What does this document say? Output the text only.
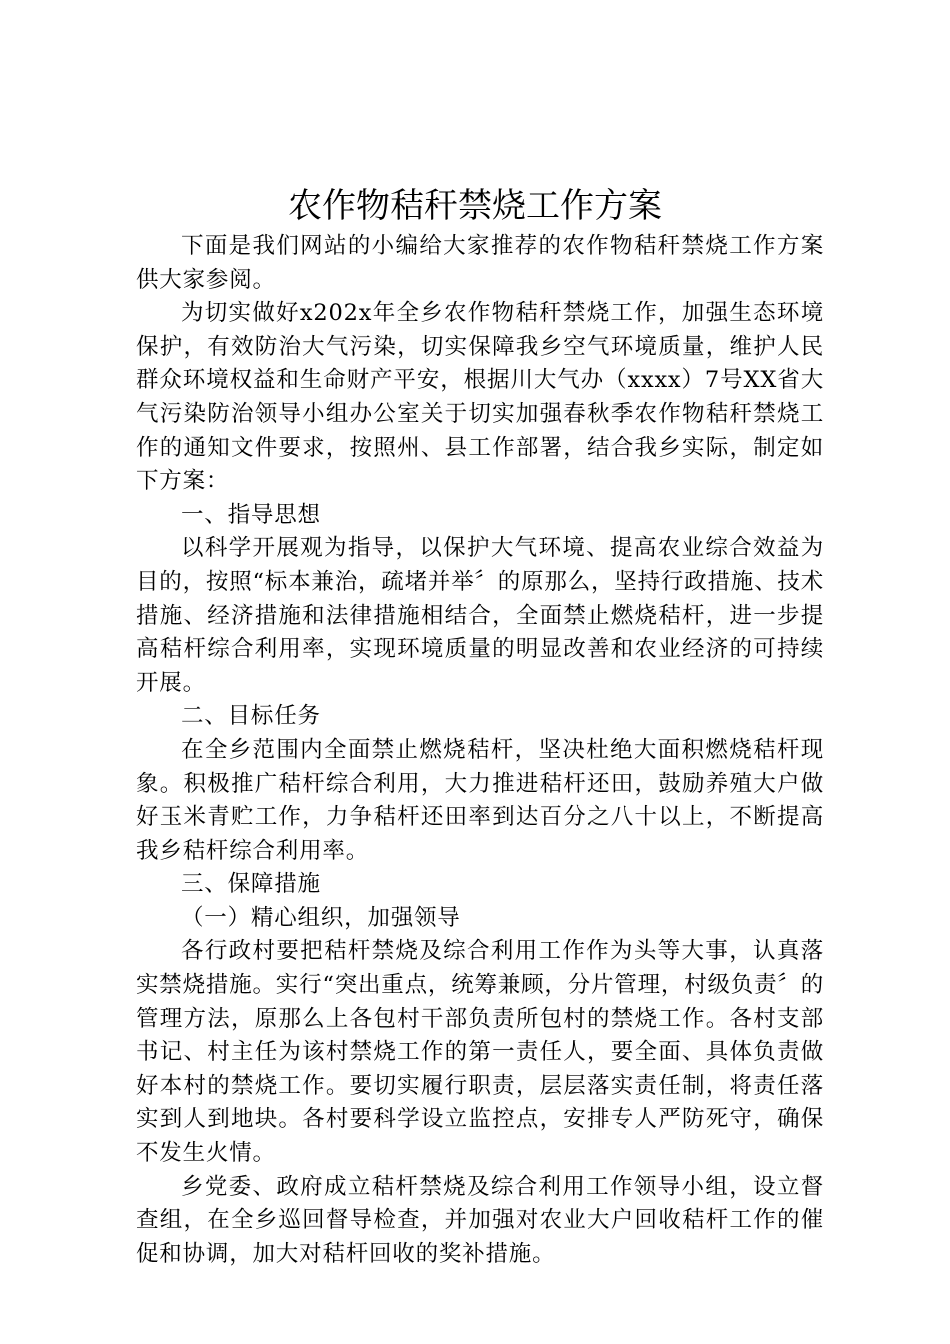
农作物秸秆禁烧工作方案

下面是我们网站的小编给大家推荐的农作物秸秆禁烧工作方案供大家参阅。

为切实做好x202x年全乡农作物秸秆禁烧工作，加强生态环境保护，有效防治大气污染，切实保障我乡空气环境质量，维护人民群众环境权益和生命财产平安，根据川大气办（xxxx）7号XX省大气污染防治领导小组办公室关于切实加强春秋季农作物秸秆禁烧工作的通知文件要求，按照州、县工作部署，结合我乡实际，制定如下方案：

一、指导思想

以科学开展观为指导，以保护大气环境、提高农业综合效益为目的，按照“标本兼治，疏堵并举〞的原那么，坚持行政措施、技术措施、经济措施和法律措施相结合，全面禁止燃烧秸杆，进一步提高秸杆综合利用率，实现环境质量的明显改善和农业经济的可持续开展。

二、目标任务

在全乡范围内全面禁止燃烧秸杆，坚决杜绝大面积燃烧秸杆现象。积极推广秸杆综合利用，大力推进秸杆还田，鼓励养殖大户做好玉米青贮工作，力争秸杆还田率到达百分之八十以上，不断提高我乡秸杆综合利用率。

三、保障措施

（一）精心组织，加强领导

各行政村要把秸杆禁烧及综合利用工作作为头等大事，认真落实禁烧措施。实行“突出重点，统筹兼顾，分片管理，村级负责〞的管理方法，原那么上各包村干部负责所包村的禁烧工作。各村支部书记、村主任为该村禁烧工作的第一责任人，要全面、具体负责做好本村的禁烧工作。要切实履行职责，层层落实责任制，将责任落实到人到地块。各村要科学设立监控点，安排专人严防死守，确保不发生火情。

乡党委、政府成立秸杆禁烧及综合利用工作领导小组，设立督查组，在全乡巡回督导检查，并加强对农业大户回收秸杆工作的催促和协调，加大对秸杆回收的奖补措施。
